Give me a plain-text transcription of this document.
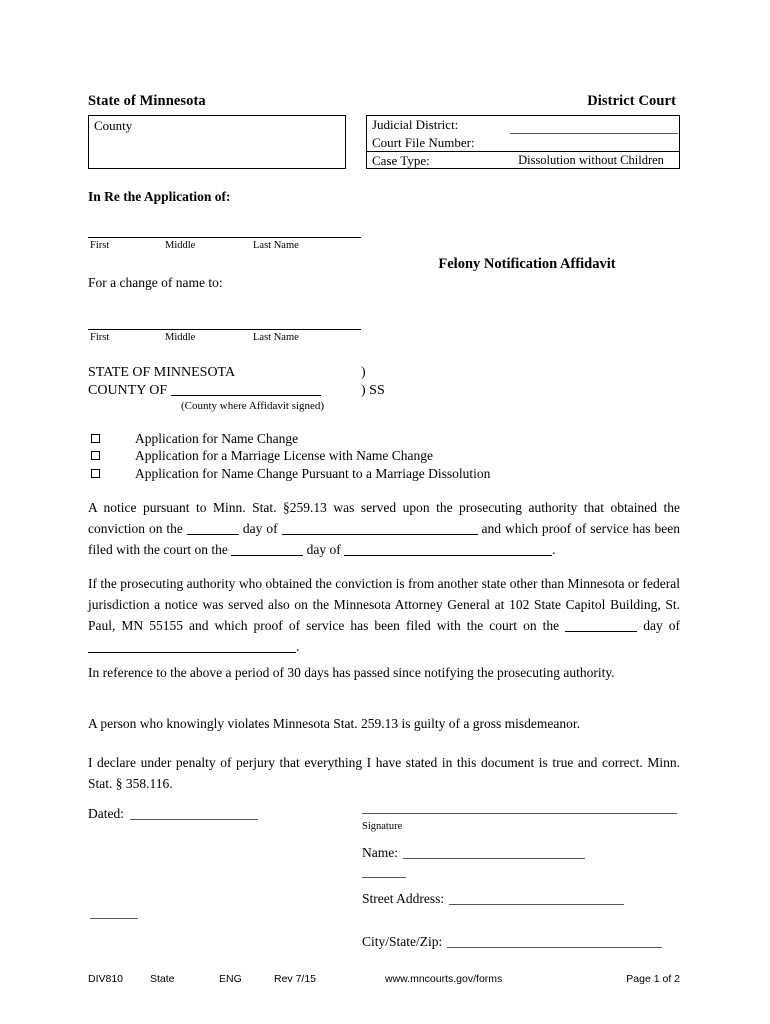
State of Minnesota	District Court
County	Judicial District:
Court File Number:
Case Type:	Dissolution without Children
In Re the Application of:
First	Middle	Last Name
For a change of name to:
First	Middle	Last Name
Felony Notification Affidavit
STATE OF MINNESOTA	)
COUNTY OF	) SS
(County where Affidavit signed)
Application for Name Change
Application for a Marriage License with Name Change
Application for Name Change Pursuant to a Marriage Dissolution
A notice pursuant to Minn. Stat. §259.13 was served upon the prosecuting authority that obtained the conviction on the	day of	and which proof of service has been filed with the court on the	day of	.
If the prosecuting authority who obtained the conviction is from another state other than Minnesota or federal jurisdiction a notice was served also on the Minnesota Attorney General at 102 State Capitol Building, St. Paul, MN 55155 and which proof of service has been filed with the court on the	day of .
In reference to the above a period of 30 days has passed since notifying the prosecuting authority.
A person who knowingly violates Minnesota Stat. 259.13 is guilty of a gross misdemeanor.
I declare under penalty of perjury that everything I have stated in this document is true and correct. Minn. Stat. § 358.116.
Dated:
Signature
Name:
Street Address:
City/State/Zip:
DIV810	State	ENG	Rev 7/15	www.mncourts.gov/forms	Page 1 of 2
